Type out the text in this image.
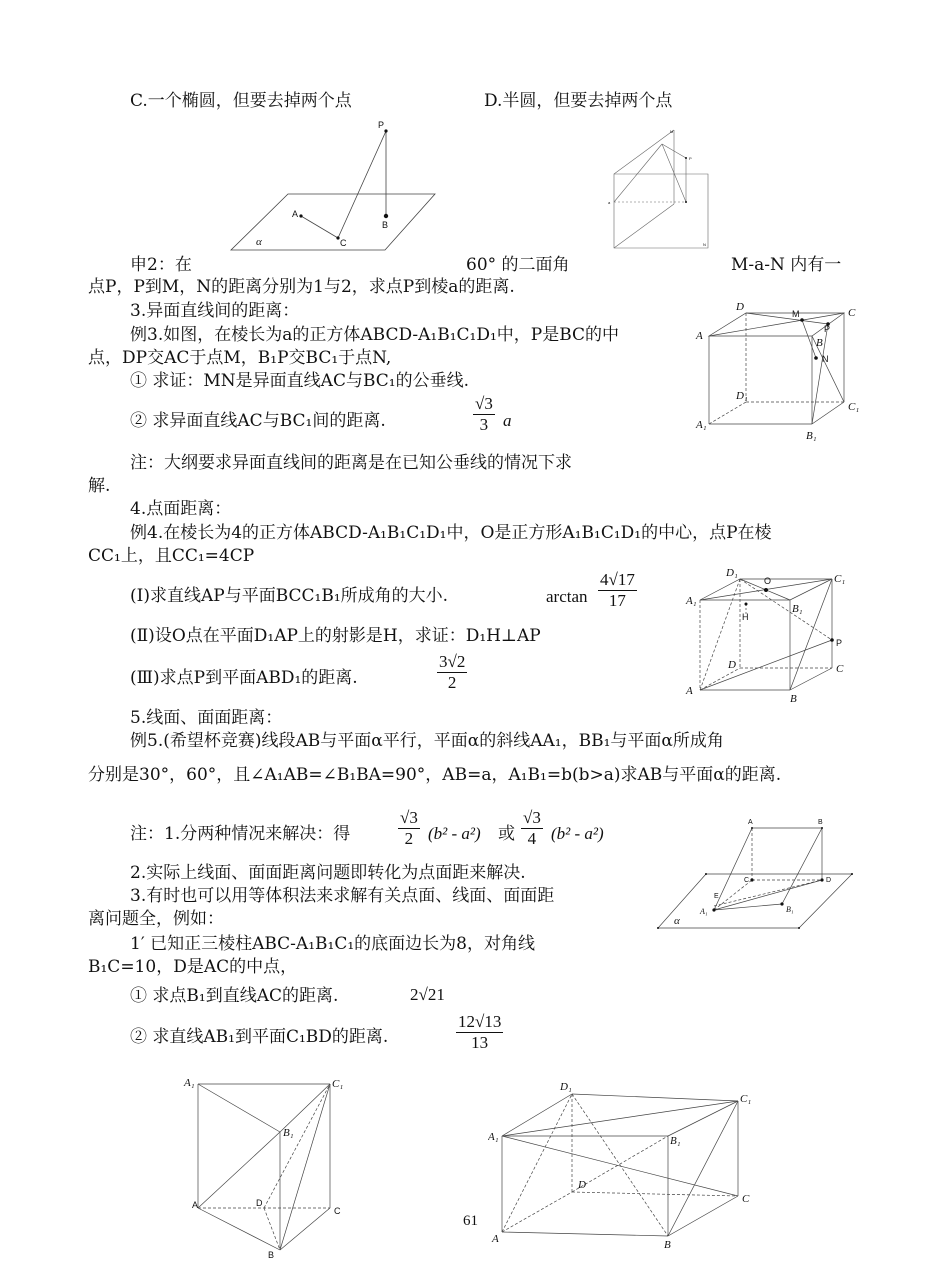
C.一个椭圆，但要去掉两个点	D.半圆，但要去掉两个点
P
A
B
C
α
M
P
a
N
申2：在	60° 的二面角	M-a-N 内有一
点P，P到M，N的距离分别为1与2，求点P到棱a的距离.
3.异面直线间的距离：
例3.如图，在棱长为a的正方体ABCD-A₁B₁C₁D₁中，P是BC的中
点，DP交AC于点M，B₁P交BC₁于点N,
① 求证：MN是异面直线AC与BC₁的公垂线.
② 求异面直线AC与BC₁间的距离.
√3
3 a
注：大纲要求异面直线间的距离是在已知公垂线的情况下求
解.
D
M
P
C
A
B
N
D₁
C₁
A₁
B₁
4.点面距离：
例4.在棱长为4的正方体ABCD-A₁B₁C₁D₁中，O是正方形A₁B₁C₁D₁的中心，点P在棱
CC₁上，且CC₁=4CP
(Ⅰ)求直线AP与平面BCC₁B₁所成角的大小.	arctan
4√17
17
(Ⅱ)设O点在平面D₁AP上的射影是H，求证：D₁H⊥AP
(Ⅲ)求点P到平面ABD₁的距离.
3√2
2
D₁
O	C₁
A₁
B₁
H
P
D	C
A
B
5.线面、面面距离：
例5.(希望杯竞赛)线段AB与平面α平行，平面α的斜线AA₁，BB₁与平面α所成角
分别是30°，60°，且∠A₁AB=∠B₁BA=90°，AB=a，A₁B₁=b(b>a)求AB与平面α的距离.
注：1.分两种情况来解决：得
√3
2 (b² - a²) 或
√3
4 (b² - a²)
2.实际上线面、面面距离问题即转化为点面距来解决.
3.有时也可以用等体积法来求解有关点面、线面、面面距
离问题全，例如：
1′ 已知正三棱柱ABC-A₁B₁C₁的底面边长为8，对角线
B₁C=10，D是AC的中点，
① 求点B₁到直线AC的距离.	2√21
② 求直线AB₁到平面C₁BD的距离.
12√13
13
A	B
C	D
E
A₁	B₁
α
A₁	C₁
B₁
A	D
C
B
61
D₁
C₁
A₁	B₁
D
C
A	B
